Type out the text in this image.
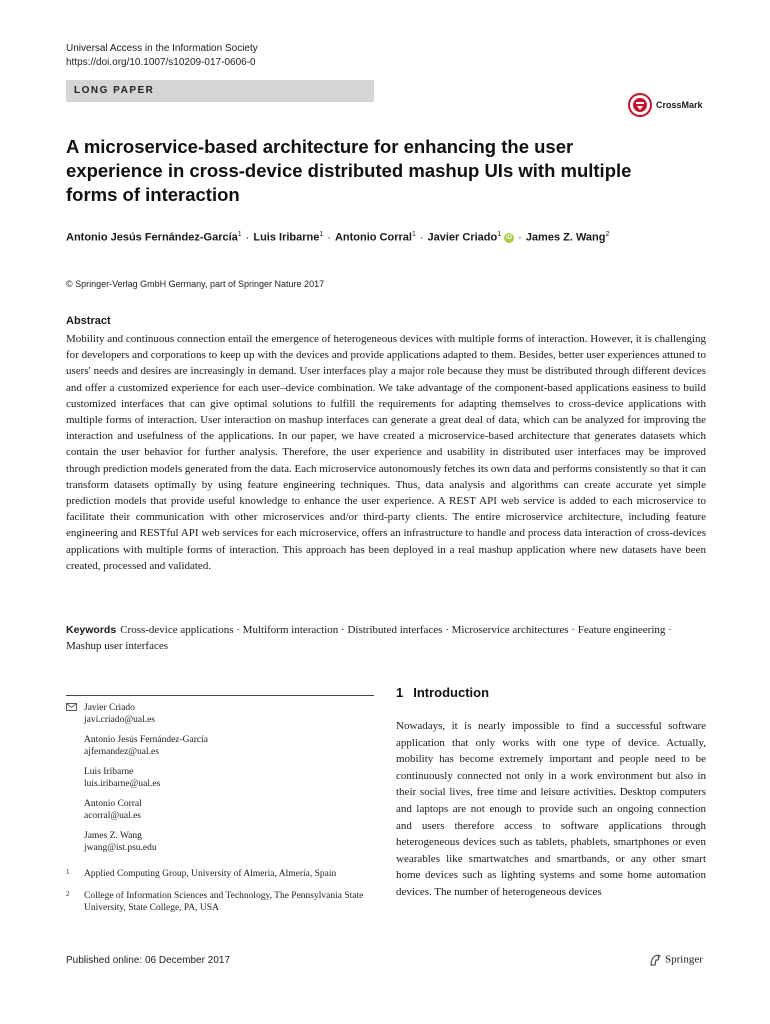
Universal Access in the Information Society
https://doi.org/10.1007/s10209-017-0606-0
LONG PAPER
CrossMark
A microservice-based architecture for enhancing the user experience in cross-device distributed mashup UIs with multiple forms of interaction
Antonio Jesús Fernández-García$^1$ · Luis Iribarne$^1$ · Antonio Corral$^1$ · Javier Criado$^1$ iD · James Z. Wang$^2$
© Springer-Verlag GmbH Germany, part of Springer Nature 2017
Abstract

Mobility and continuous connection entail the emergence of heterogeneous devices with multiple forms of interaction. However, it is challenging for developers and corporations to keep up with the devices and provide applications adapted to them. Besides, better user experiences attuned to users' needs and desires are increasingly in demand. User interfaces play a major role because they must be distributed through different devices and offer a customized experience for each user–device combination. We take advantage of the component-based applications easiness to build customized interfaces that can give optimal solutions to fulfill the requirements for adapting themselves to cross-device applications with multiple forms of interaction. User interaction on mashup interfaces can generate a great deal of data, which can be analyzed for improving the interaction and usefulness of the applications. In our paper, we have created a microservice-based architecture that generates datasets which contain the user behavior for further analysis. Therefore, the user experience and usability in distributed user interfaces may be improved through prediction models generated from the data. Each microservice autonomously fetches its own data and performs consistently so that it can transform datasets optimally by using feature engineering techniques. Thus, data analysis and algorithms can create accurate yet simple prediction models that provide useful knowledge to enhance the user experience. A REST API web service is added to each microservice to facilitate their communication with other microservices and/or third-party clients. The entire microservice architecture, including feature engineering and RESTful API web services for each microservice, offers an infrastructure to handle and process data interaction of cross-devices applications with multiple forms of interaction. This approach has been deployed in a real mashup application where new datasets have been created, processed and validated.

Keywords Cross-device applications · Multiform interaction · Distributed interfaces · Microservice architectures · Feature engineering · Mashup user interfaces
Javier Criado
javi.criado@ual.es
Antonio Jesús Fernández-García
ajfernandez@ual.es
Luis Iribarne
luis.iribarne@ual.es
Antonio Corral
acorral@ual.es
James Z. Wang
jwang@ist.psu.edu
1 Applied Computing Group, University of Almeria, Almería, Spain
2 College of Information Sciences and Technology, The Pennsylvania State University, State College, PA, USA
1 Introduction

Nowadays, it is nearly impossible to find a successful software application that only works with one type of device. Actually, mobility has become extremely important and people need to be continuously connected not only in a work environment but also in their social lives, free time and leisure activities. Desktop computers and laptops are not enough to provide such an ongoing connection and users therefore access to software applications through heterogeneous devices such as tablets, phablets, smartphones or even wearables like smartwatches and smartbands, or any other smart home devices such as lighting systems and some home automation devices. The number of heterogeneous devices

Published online: 06 December 2017	Springer
